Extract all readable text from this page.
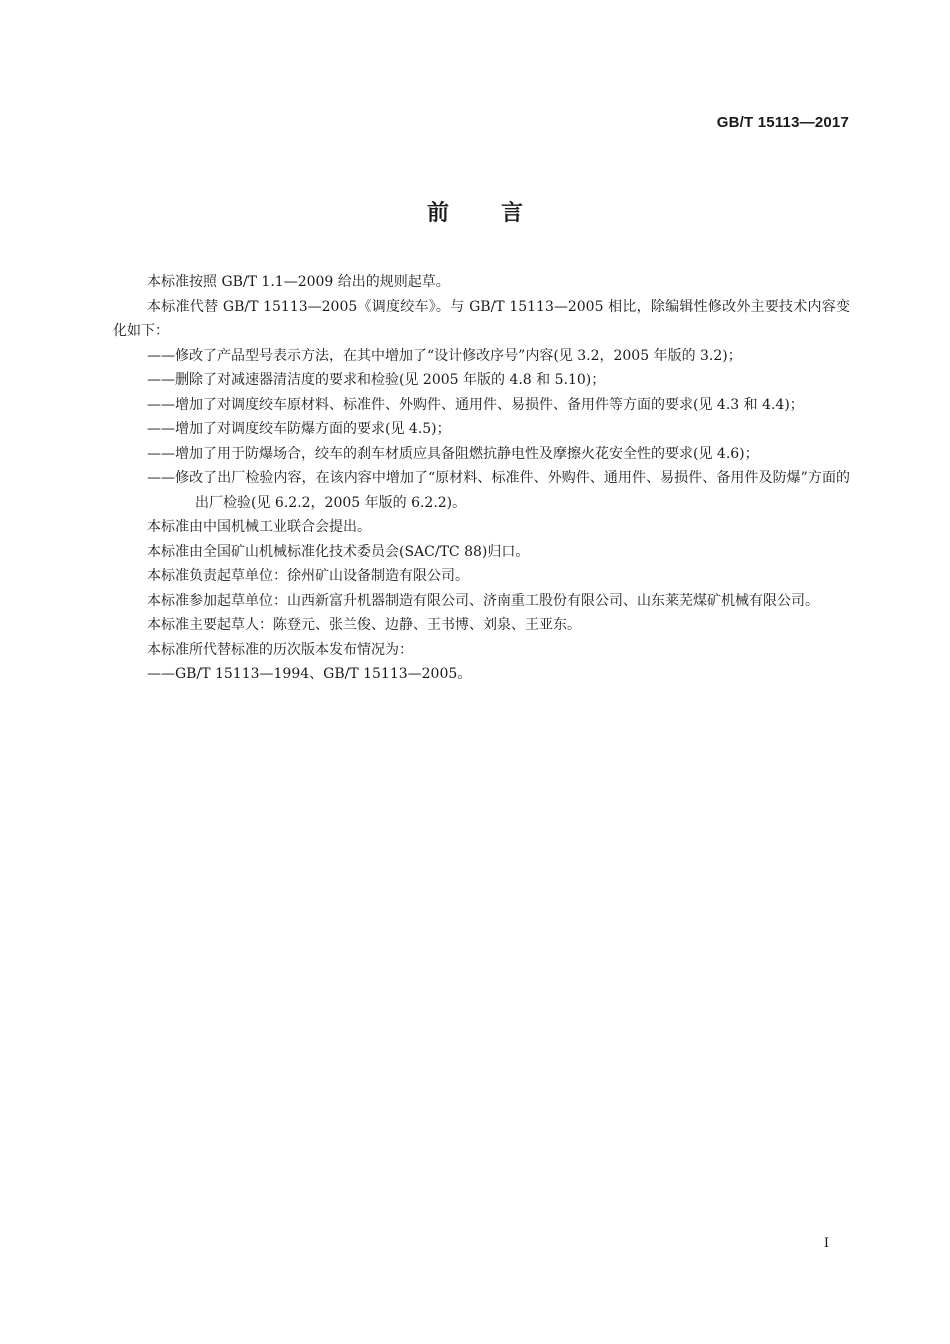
GB/T 15113—2017
前 言

本标准按照 GB/T 1.1—2009 给出的规则起草。

本标准代替 GB/T 15113—2005《调度绞车》。与 GB/T 15113—2005 相比，除编辑性修改外主要技术内容变化如下：

——修改了产品型号表示方法，在其中增加了“设计修改序号”内容(见 3.2，2005 年版的 3.2)；

——删除了对减速器清洁度的要求和检验(见 2005 年版的 4.8 和 5.10)；

——增加了对调度绞车原材料、标准件、外购件、通用件、易损件、备用件等方面的要求(见 4.3 和 4.4)；

——增加了对调度绞车防爆方面的要求(见 4.5)；

——增加了用于防爆场合，绞车的刹车材质应具备阻燃抗静电性及摩擦火花安全性的要求(见 4.6)；

——修改了出厂检验内容，在该内容中增加了“原材料、标准件、外购件、通用件、易损件、备用件及防爆”方面的出厂检验(见 6.2.2，2005 年版的 6.2.2)。

本标准由中国机械工业联合会提出。

本标准由全国矿山机械标准化技术委员会(SAC/TC 88)归口。

本标准负责起草单位：徐州矿山设备制造有限公司。

本标准参加起草单位：山西新富升机器制造有限公司、济南重工股份有限公司、山东莱芜煤矿机械有限公司。

本标准主要起草人：陈登元、张兰俊、边静、王书博、刘泉、王亚东。

本标准所代替标准的历次版本发布情况为：

——GB/T 15113—1994、GB/T 15113—2005。

I
